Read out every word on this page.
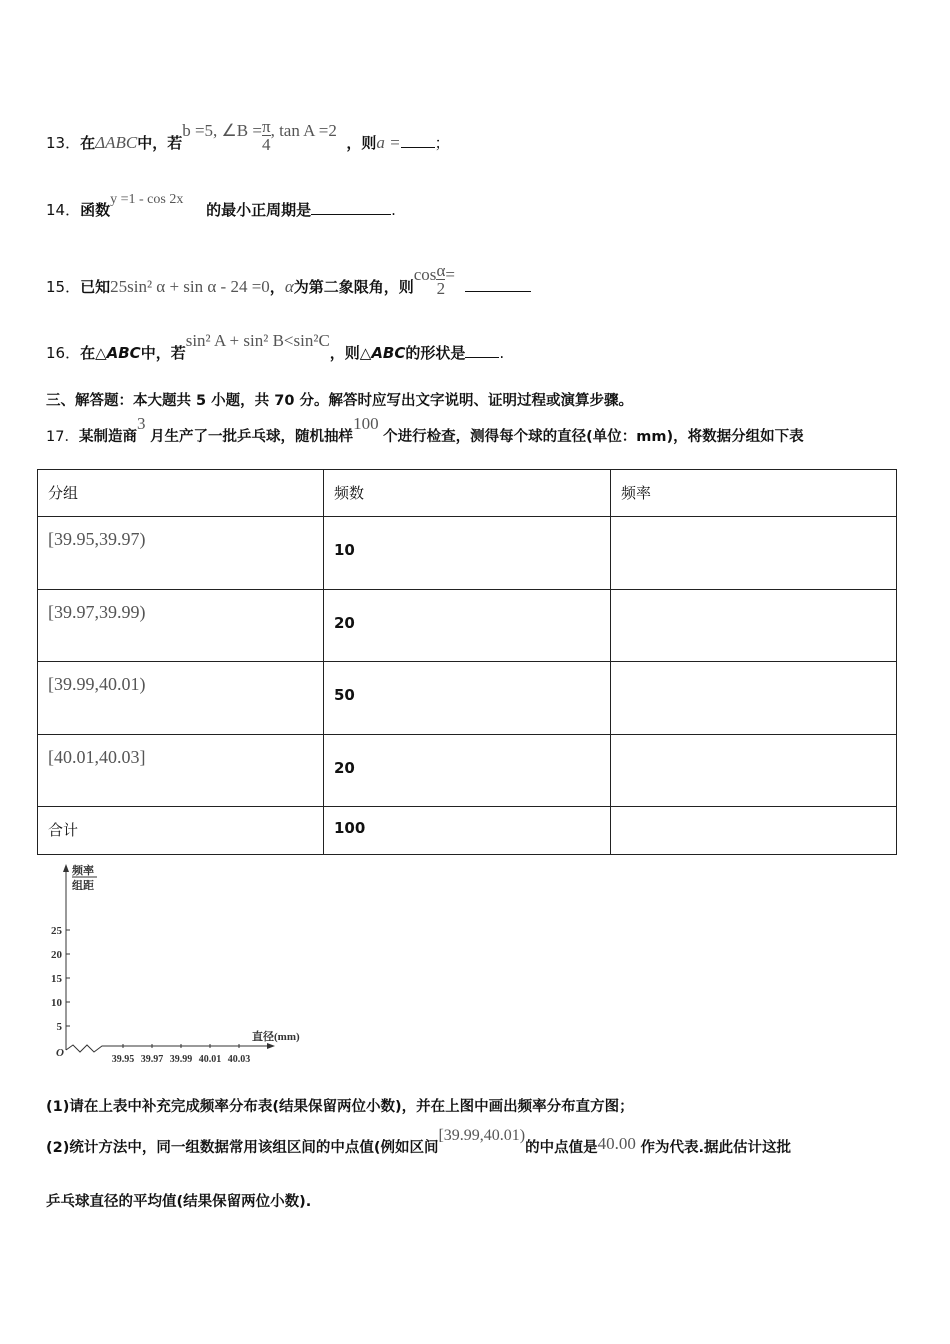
13．在ΔABC中，若b =5, ∠B = $\frac{\pi}{4}$ , tan A =2  ，则a = ；
14．函数y =1 - cos 2x的最小正周期是	.
15．已知25sin² α + sin α - 24 =0，α为第二象限角，则$\cos \frac{\alpha}{2}$ =
16．在△ABC中，若sin² A + sin² B<sin²C，则△ABC的形状是 .
三、解答题：本大题共 5 小题，共 70 分。解答时应写出文字说明、证明过程或演算步骤。
17．某制造商3 月生产了一批乒乓球，随机抽样100 个进行检查，测得每个球的直径(单位：mm)，将数据分组如下表
分组	频数	频率
[39.95,39.97)	10	

[39.97,39.99)	20	

[39.99,40.01)	50	

[40.01,40.03]	20	

合计	100	
频率
组距
直径(mm)
O
5
10
15
20
25
39.95 39.97 39.99 40.01 40.03
(1)请在上表中补充完成频率分布表(结果保留两位小数)，并在上图中画出频率分布直方图；
(2)统计方法中，同一组数据常用该组区间的中点值(例如区间[39.99,40.01)的中点值是40.00 作为代表.据此估计这批
乒乓球直径的平均值(结果保留两位小数).
